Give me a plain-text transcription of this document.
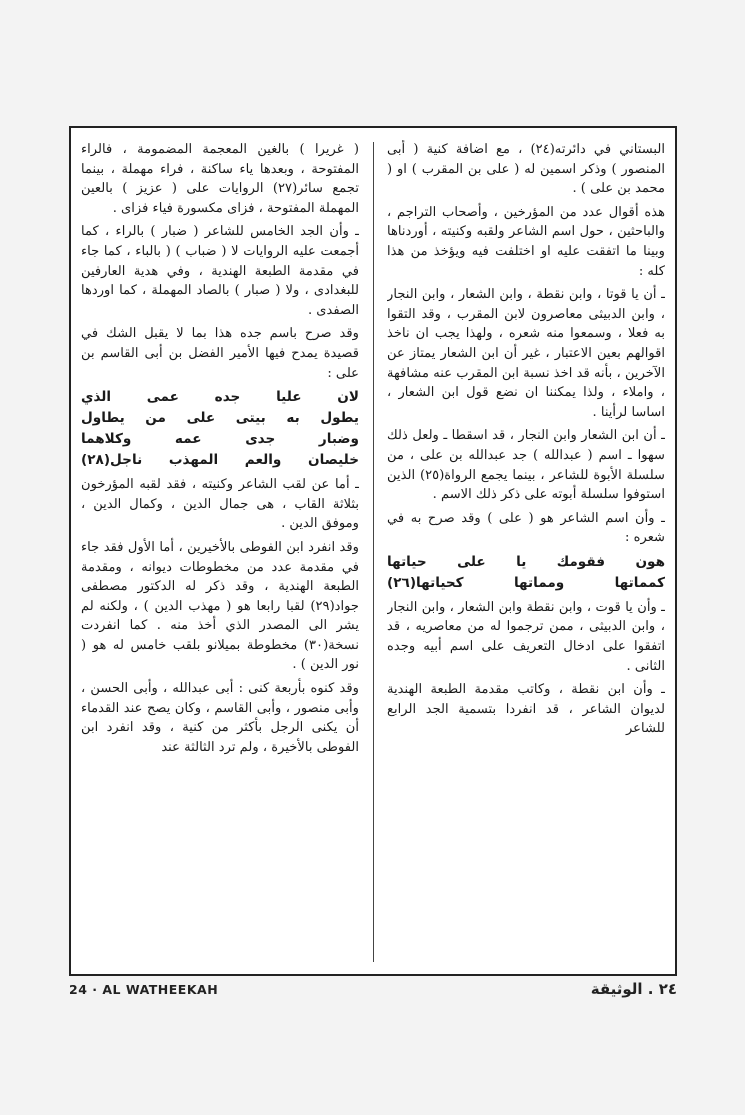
البستاني في دائرته(٢٤) ، مع اضافة كنية ( أبى المنصور ) وذكر اسمين له ( على بن المقرب ) او ( محمد بن على ) .

هذه أقوال عدد من المؤرخين ، وأصحاب التراجم ، والباحثين ، حول اسم الشاعر ولقبه وكنيته ، أوردناها وبينا ما اتفقت عليه او اختلفت فيه ويؤخذ من هذا كله :

ـ أن يا قوتا ، وابن نقطة ، وابن الشعار ، وابن النجار ، وابن الدبيثى معاصرون لابن المقرب ، وقد التقوا به فعلا ، وسمعوا منه شعره ، ولهذا يجب ان ناخذ اقوالهم بعين الاعتبار ، غير أن ابن الشعار يمتاز عن الآخرين ، بأنه قد اخذ نسبة ابن المقرب عنه مشافهة ، واملاء ، ولذا يمكننا ان نضع قول ابن الشعار ، اساسا لرأينا .

ـ أن ابن الشعار وابن النجار ، قد اسقطا ـ ولعل ذلك سهوا ـ اسم ( عبدالله ) جد عبدالله بن على ، من سلسلة الأبوة للشاعر ، بينما يجمع الرواة(٢٥) الذين استوفوا سلسلة أبوته على ذكر ذلك الاسم .

ـ وأن اسم الشاعر هو ( على ) وقد صرح به في شعره :

هون فقومك يا على حياتها

كمماتها ومماتها كحياتها(٢٦)

ـ وأن يا قوت ، وابن نقطة وابن الشعار ، وابن النجار ، وابن الدبيثى ، ممن ترجموا له من معاصريه ، قد اتفقوا على ادخال التعريف على اسم أبيه وجده الثانى .

ـ وأن ابن نقطة ، وكاتب مقدمة الطبعة الهندية لديوان الشاعر ، قد انفردا بتسمية الجد الرابع للشاعر

( غريرا ) بالغين المعجمة المضمومة ، فالراء المفتوحة ، وبعدها ياء ساكنة ، فراء مهملة ، بينما تجمع سائر(٢٧) الروايات على ( عزيز ) بالعين المهملة المفتوحة ، فزاى مكسورة فياء فزاى .

ـ وأن الجد الخامس للشاعر ( ضبار ) بالراء ، كما أجمعت عليه الروايات لا ( ضباب ) ( بالباء ، كما جاء في مقدمة الطبعة الهندية ، وفي هدية العارفين للبغدادى ، ولا ( صبار ) بالصاد المهملة ، كما اوردها الصفدى .

وقد صرح باسم جده هذا بما لا يقبل الشك في قصيدة يمدح فيها الأمير الفضل بن أبى القاسم بن على :

لان عليا جده عمى الذي

يطول به بيتى على من يطاول

وضبار جدى عمه وكلاهما

خليصان والعم المهذب ناجل(٢٨)

ـ أما عن لقب الشاعر وكنيته ، فقد لقبه المؤرخون بثلاثة القاب ، هى جمال الدين ، وكمال الدين ، وموفق الدين .

وقد انفرد ابن الفوطى بالأخيرين ، أما الأول فقد جاء في مقدمة عدد من مخطوطات ديوانه ، ومقدمة الطبعة الهندية ، وقد ذكر له الدكتور مصطفى جواد(٢٩) لقبا رابعا هو ( مهذب الدين ) ، ولكنه لم يشر الى المصدر الذي أخذ منه . كما انفردت نسخة(٣٠) مخطوطة بميلانو بلقب خامس له هو ( نور الدين ) .

وقد كنوه بأربعة كنى : أبى عبدالله ، وأبى الحسن ، وأبى منصور ، وأبى القاسم ، وكان يصح عند القدماء أن يكنى الرجل بأكثر من كنية ، وقد انفرد ابن الفوطى بالأخيرة ، ولم ترد الثالثة عند

24 · AL WATHEEKAH	٢٤ . الوثيقة
